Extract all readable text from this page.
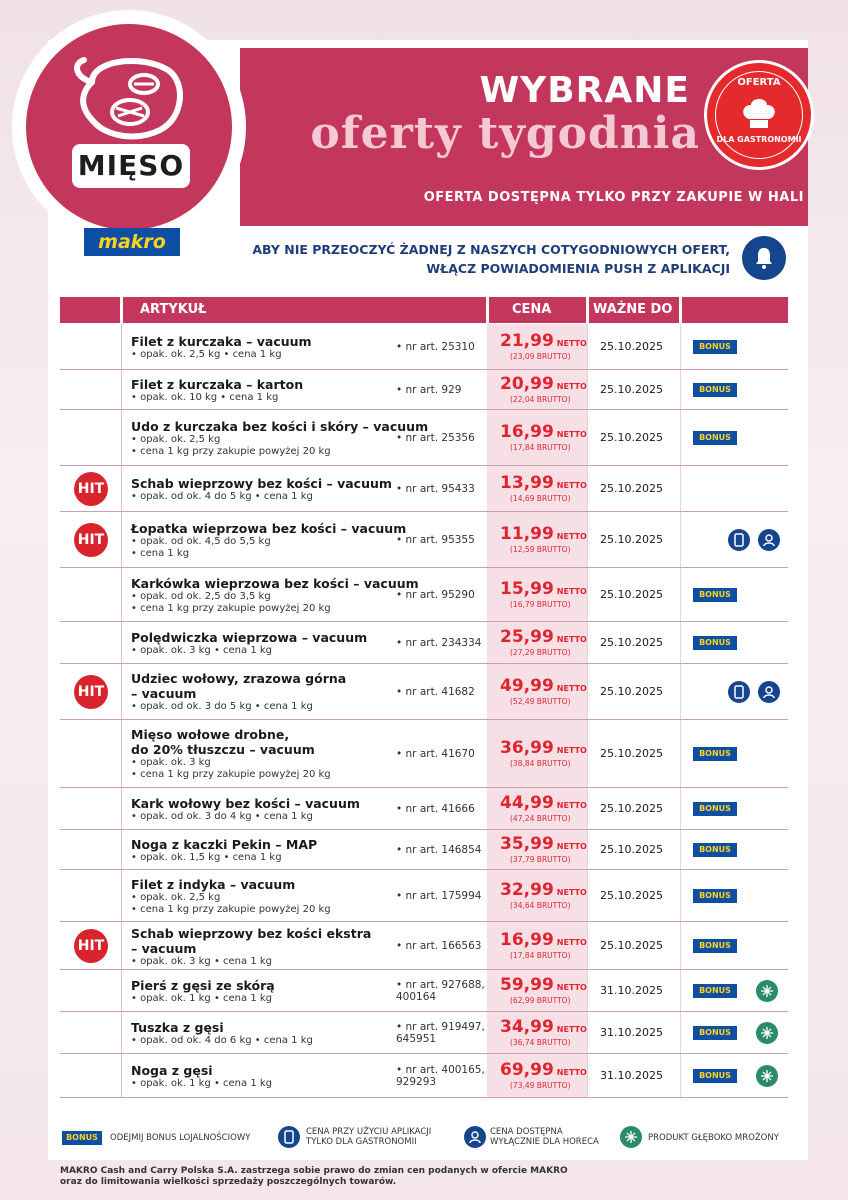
MIĘSO
makro
WYBRANE
oferty tygodnia
OFERTA DOSTĘPNA TYLKO PRZY ZAKUPIE W HALI
OFERTA
DLA GASTRONOMII
ABY NIE PRZEOCZYĆ ŻADNEJ Z NASZYCH COTYGODNIOWYCH OFERT,
WŁĄCZ POWIADOMIENIA PUSH Z APLIKACJI
ARTYKUŁ	CENA	WAŻNE DO
Filet z kurczaka – vacuum
• opak. ok. 2,5 kg • cena 1 kg
• nr art. 25310	21,99 NETTO
(23,09 BRUTTO)
25.10.2025	BONUS
Filet z kurczaka – karton
• opak. ok. 10 kg • cena 1 kg
• nr art. 929	20,99 NETTO
(22,04 BRUTTO)
25.10.2025	BONUS
Udo z kurczaka bez kości i skóry – vacuum
• opak. ok. 2,5 kg
• cena 1 kg przy zakupie powyżej 20 kg
• nr art. 25356	16,99 NETTO
(17,84 BRUTTO)
25.10.2025	BONUS
HIT	Schab wieprzowy bez kości – vacuum
• opak. od ok. 4 do 5 kg • cena 1 kg
• nr art. 95433	13,99 NETTO
(14,69 BRUTTO)
25.10.2025
HIT
Łopatka wieprzowa bez kości – vacuum
• opak. od ok. 4,5 do 5,5 kg
• cena 1 kg
• nr art. 95355	11,99 NETTO
(12,59 BRUTTO)
25.10.2025
Karkówka wieprzowa bez kości – vacuum
• opak. od ok. 2,5 do 3,5 kg
• cena 1 kg przy zakupie powyżej 20 kg
• nr art. 95290	15,99 NETTO
(16,79 BRUTTO)
25.10.2025	BONUS
Polędwiczka wieprzowa – vacuum
• opak. ok. 3 kg • cena 1 kg
• nr art. 234334	25,99 NETTO
(27,29 BRUTTO)
25.10.2025	BONUS
HIT
Udziec wołowy, zrazowa górna
– vacuum
• opak. od ok. 3 do 5 kg • cena 1 kg
• nr art. 41682	49,99 NETTO
(52,49 BRUTTO)
25.10.2025
Mięso wołowe drobne,
do 20% tłuszczu – vacuum
• opak. ok. 3 kg
• cena 1 kg przy zakupie powyżej 20 kg
• nr art. 41670	36,99 NETTO
(38,84 BRUTTO)
25.10.2025	BONUS
Kark wołowy bez kości – vacuum
• opak. od ok. 3 do 4 kg • cena 1 kg
• nr art. 41666	44,99 NETTO
(47,24 BRUTTO)
25.10.2025	BONUS
Noga z kaczki Pekin – MAP
• opak. ok. 1,5 kg • cena 1 kg
• nr art. 146854	35,99 NETTO
(37,79 BRUTTO)
25.10.2025	BONUS
Filet z indyka – vacuum
• opak. ok. 2,5 kg
• cena 1 kg przy zakupie powyżej 20 kg
• nr art. 175994	32,99 NETTO
(34,64 BRUTTO)
25.10.2025	BONUS
HIT
Schab wieprzowy bez kości ekstra
– vacuum
• opak. ok. 3 kg • cena 1 kg
• nr art. 166563	16,99 NETTO
(17,84 BRUTTO)
25.10.2025	BONUS
Pierś z gęsi ze skórą
• opak. ok. 1 kg • cena 1 kg
• nr art. 927688,
400164
59,99 NETTO
(62,99 BRUTTO)
31.10.2025	BONUS
Tuszka z gęsi
• opak. od ok. 4 do 6 kg • cena 1 kg
• nr art. 919497,
645951
34,99 NETTO
(36,74 BRUTTO)
31.10.2025	BONUS
Noga z gęsi
• opak. ok. 1 kg • cena 1 kg
• nr art. 400165,
929293
69,99 NETTO
(73,49 BRUTTO)
31.10.2025	BONUS
BONUS	ODEJMIJ BONUS LOJALNOŚCIOWY
CENA PRZY UŻYCIU APLIKACJI
TYLKO DLA GASTRONOMII
CENA DOSTĘPNA
WYŁĄCZNIE DLA HORECA	PRODUKT GŁĘBOKO MROŻONY
MAKRO Cash and Carry Polska S.A. zastrzega sobie prawo do zmian cen podanych w ofercie MAKRO
oraz do limitowania wielkości sprzedaży poszczególnych towarów.
